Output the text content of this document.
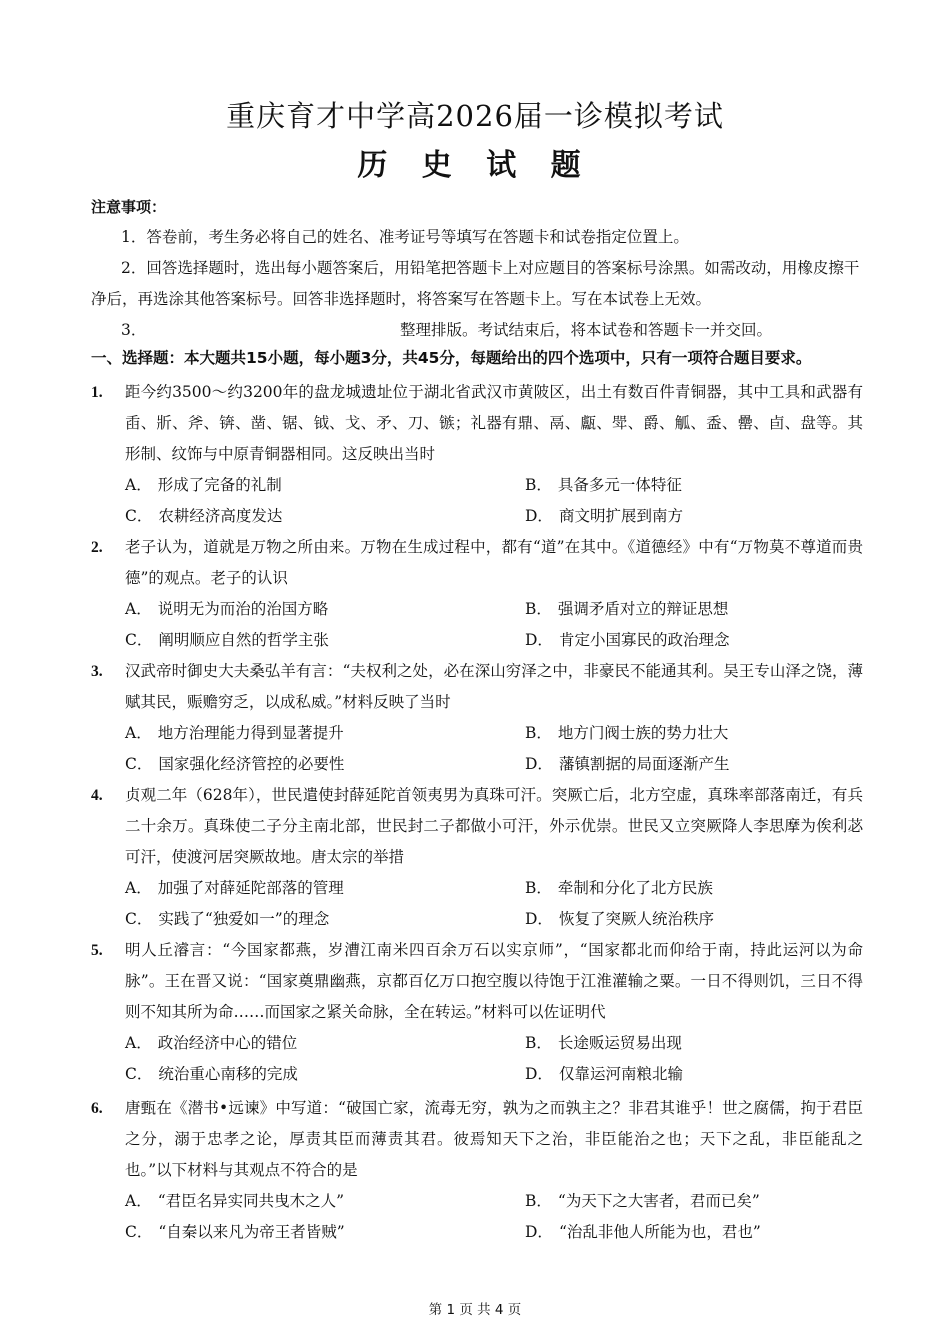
重庆育才中学高2026届一诊模拟考试
历 史 试 题
注意事项：
1．答卷前，考生务必将自己的姓名、准考证号等填写在答题卡和试卷指定位置上。
2．回答选择题时，选出每小题答案后，用铅笔把答题卡上对应题目的答案标号涂黑。如需改动，用橡皮擦干净后，再选涂其他答案标号。回答非选择题时，将答案写在答题卡上。写在本试卷上无效。
3．	整理排版。考试结束后，将本试卷和答题卡一并交回。
一、选择题：本大题共15小题，每小题3分，共45分，每题给出的四个选项中，只有一项符合题目要求。
1. 距今约3500～约3200年的盘龙城遗址位于湖北省武汉市黄陂区，出土有数百件青铜器，其中工具和武器有臿、斨、斧、锛、凿、锯、钺、戈、矛、刀、镞；礼器有鼎、鬲、甗、斝、爵、觚、盉、罍、卣、盘等。其形制、纹饰与中原青铜器相同。这反映出当时
A． 形成了完备的礼制	B． 具备多元一体特征
C． 农耕经济高度发达	D． 商文明扩展到南方
2. 老子认为，道就是万物之所由来。万物在生成过程中，都有“道”在其中。《道德经》中有“万物莫不尊道而贵德”的观点。老子的认识
A． 说明无为而治的治国方略	B． 强调矛盾对立的辩证思想
C． 阐明顺应自然的哲学主张	D． 肯定小国寡民的政治理念
3. 汉武帝时御史大夫桑弘羊有言：“夫权利之处，必在深山穷泽之中，非豪民不能通其利。吴王专山泽之饶，薄赋其民，赈赡穷乏，以成私威。”材料反映了当时
A． 地方治理能力得到显著提升	B． 地方门阀士族的势力壮大
C． 国家强化经济管控的必要性	D． 藩镇割据的局面逐渐产生
4. 贞观二年（628年），世民遣使封薛延陀首领夷男为真珠可汗。突厥亡后，北方空虚，真珠率部落南迁，有兵二十余万。真珠使二子分主南北部，世民封二子都做小可汗，外示优崇。世民又立突厥降人李思摩为俟利苾可汗，使渡河居突厥故地。唐太宗的举措
A． 加强了对薛延陀部落的管理	B． 牵制和分化了北方民族
C． 实践了“独爱如一”的理念	D． 恢复了突厥人统治秩序
5. 明人丘濬言：“今国家都燕，岁漕江南米四百余万石以实京师”，“国家都北而仰给于南，持此运河以为命脉”。王在晋又说：“国家奠鼎幽燕，京都百亿万口抱空腹以待饱于江淮灌输之粟。一日不得则饥，三日不得则不知其所为命……而国家之紧关命脉，全在转运。”材料可以佐证明代
A． 政治经济中心的错位	B． 长途贩运贸易出现
C． 统治重心南移的完成	D． 仅靠运河南粮北输
6. 唐甄在《潜书•远谏》中写道：“破国亡家，流毒无穷，孰为之而孰主之？非君其谁乎！世之腐儒，拘于君臣之分，溺于忠孝之论，厚责其臣而薄责其君。彼焉知天下之治，非臣能治之也；天下之乱，非臣能乱之也。”以下材料与其观点不符合的是
A． “君臣名异实同共曳木之人”	B． “为天下之大害者，君而已矣”
C． “自秦以来凡为帝王者皆贼”	D． “治乱非他人所能为也，君也”
第 1 页 共 4 页
